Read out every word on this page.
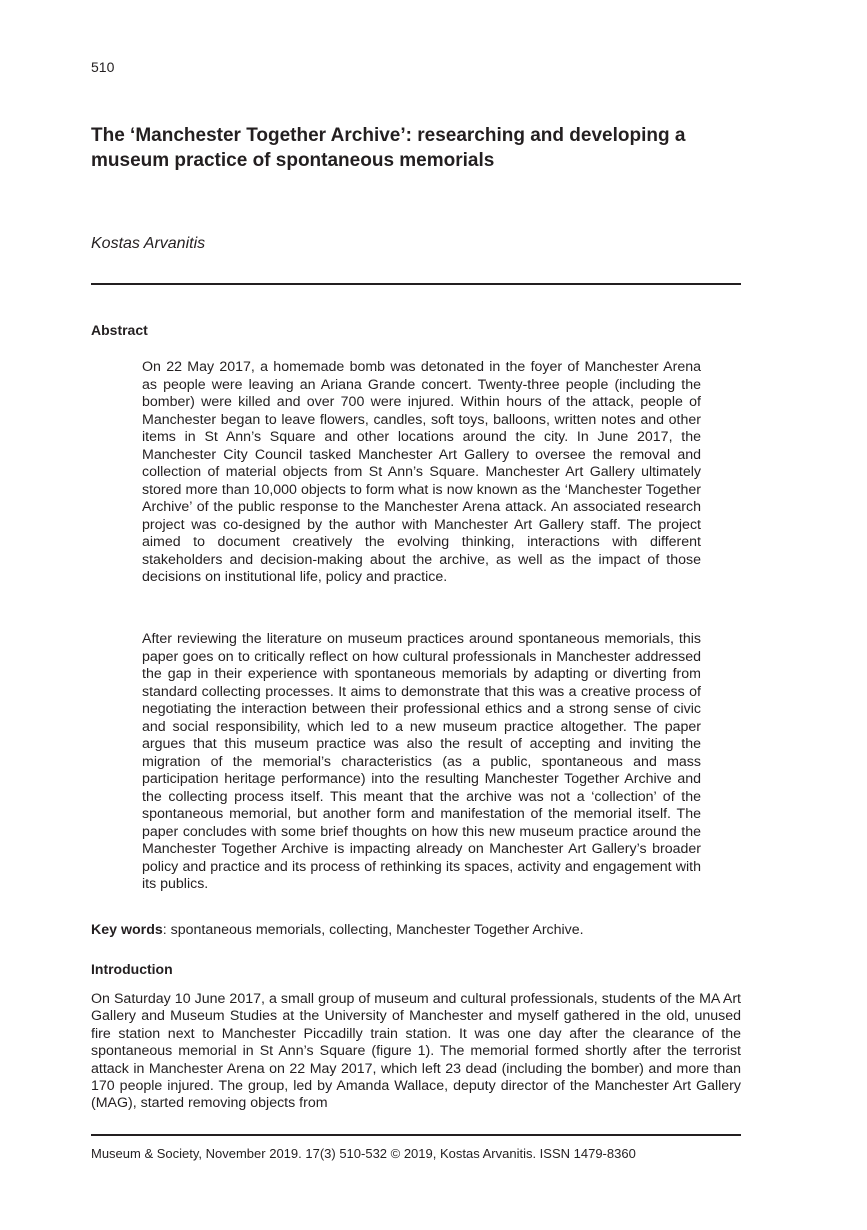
510
The ‘Manchester Together Archive’: researching and developing a museum practice of spontaneous memorials
Kostas Arvanitis
Abstract
On 22 May 2017, a homemade bomb was detonated in the foyer of Manchester Arena as people were leaving an Ariana Grande concert. Twenty-three people (including the bomber) were killed and over 700 were injured. Within hours of the attack, people of Manchester began to leave flowers, candles, soft toys, balloons, written notes and other items in St Ann’s Square and other locations around the city. In June 2017, the Manchester City Council tasked Manchester Art Gallery to oversee the removal and collection of material objects from St Ann’s Square. Manchester Art Gallery ultimately stored more than 10,000 objects to form what is now known as the ‘Manchester Together Archive’ of the public response to the Manchester Arena attack. An associated research project was co-designed by the author with Manchester Art Gallery staff. The project aimed to document creatively the evolving thinking, interactions with different stakeholders and decision-making about the archive, as well as the impact of those decisions on institutional life, policy and practice.
After reviewing the literature on museum practices around spontaneous memorials, this paper goes on to critically reflect on how cultural professionals in Manchester addressed the gap in their experience with spontaneous memorials by adapting or diverting from standard collecting processes. It aims to demonstrate that this was a creative process of negotiating the interaction between their professional ethics and a strong sense of civic and social responsibility, which led to a new museum practice altogether. The paper argues that this museum practice was also the result of accepting and inviting the migration of the memorial’s characteristics (as a public, spontaneous and mass participation heritage performance) into the resulting Manchester Together Archive and the collecting process itself. This meant that the archive was not a ‘collection’ of the spontaneous memorial, but another form and manifestation of the memorial itself. The paper concludes with some brief thoughts on how this new museum practice around the Manchester Together Archive is impacting already on Manchester Art Gallery’s broader policy and practice and its process of rethinking its spaces, activity and engagement with its publics.
Key words: spontaneous memorials, collecting, Manchester Together Archive.
Introduction
On Saturday 10 June 2017, a small group of museum and cultural professionals, students of the MA Art Gallery and Museum Studies at the University of Manchester and myself gathered in the old, unused fire station next to Manchester Piccadilly train station. It was one day after the clearance of the spontaneous memorial in St Ann’s Square (figure 1). The memorial formed shortly after the terrorist attack in Manchester Arena on 22 May 2017, which left 23 dead (including the bomber) and more than 170 people injured. The group, led by Amanda Wallace, deputy director of the Manchester Art Gallery (MAG), started removing objects from
Museum & Society, November 2019. 17(3) 510-532 © 2019, Kostas Arvanitis. ISSN 1479-8360
